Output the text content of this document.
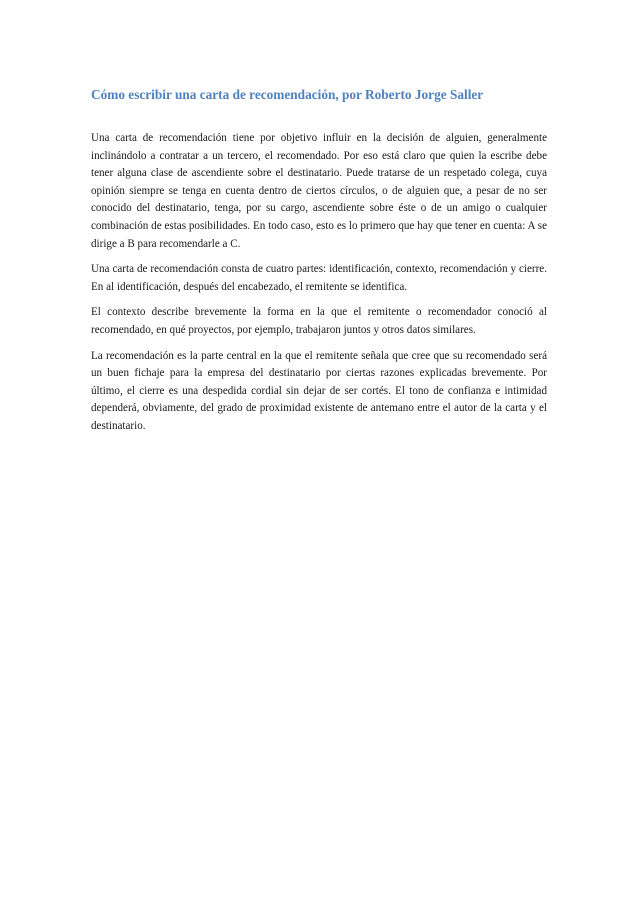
Cómo escribir una carta de recomendación, por Roberto Jorge Saller

Una carta de recomendación tiene por objetivo influir en la decisión de alguien, generalmente inclinándolo a contratar a un tercero, el recomendado. Por eso está claro que quien la escribe debe tener alguna clase de ascendiente sobre el destinatario. Puede tratarse de un respetado colega, cuya opinión siempre se tenga en cuenta dentro de ciertos círculos, o de alguien que, a pesar de no ser conocido del destinatario, tenga, por su cargo, ascendiente sobre éste o de un amigo o cualquier combinación de estas posibilidades. En todo caso, esto es lo primero que hay que tener en cuenta: A se dirige a B para recomendarle a C.

Una carta de recomendación consta de cuatro partes: identificación, contexto, recomendación y cierre. En al identificación, después del encabezado, el remitente se identifica.

El contexto describe brevemente la forma en la que el remitente o recomendador conoció al recomendado, en qué proyectos, por ejemplo, trabajaron juntos y otros datos similares.

La recomendación es la parte central en la que el remitente señala que cree que su recomendado será un buen fichaje para la empresa del destinatario por ciertas razones explicadas brevemente. Por último, el cierre es una despedida cordial sin dejar de ser cortés. El tono de confianza e intimidad dependerá, obviamente, del grado de proximidad existente de antemano entre el autor de la carta y el destinatario.
